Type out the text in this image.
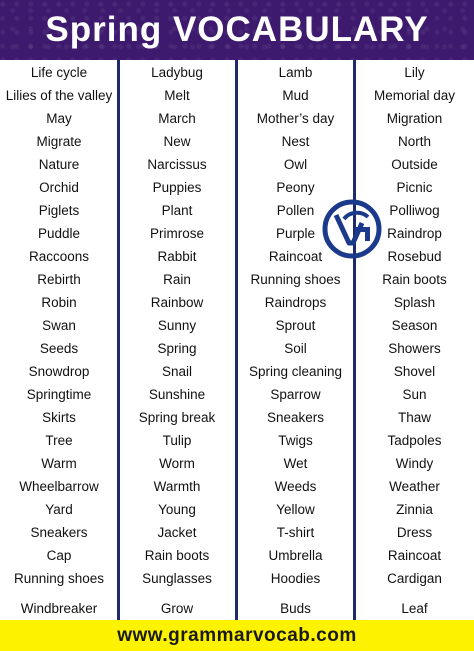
Spring VOCABULARY
Life cycle
Lilies of the valley
May
Migrate
Nature
Orchid
Piglets
Puddle
Raccoons
Rebirth
Robin
Swan
Seeds
Snowdrop
Springtime
Skirts
Tree
Warm
Wheelbarrow
Yard
Sneakers
Cap
Running shoes
Windbreaker
Ladybug
Melt
March
New
Narcissus
Puppies
Plant
Primrose
Rabbit
Rain
Rainbow
Sunny
Spring
Snail
Sunshine
Spring break
Tulip
Worm
Warmth
Young
Jacket
Rain boots
Sunglasses
Grow
Lamb
Mud
Mother’s day
Nest
Owl
Peony
Pollen
Purple
Raincoat
Running shoes
Raindrops
Sprout
Soil
Spring cleaning
Sparrow
Sneakers
Twigs
Wet
Weeds
Yellow
T-shirt
Umbrella
Hoodies
Buds
Lily
Memorial day
Migration
North
Outside
Picnic
Polliwog
Raindrop
Rosebud
Rain boots
Splash
Season
Showers
Shovel
Sun
Thaw
Tadpoles
Windy
Weather
Zinnia
Dress
Raincoat
Cardigan
Leaf
www.grammarvocab.com
